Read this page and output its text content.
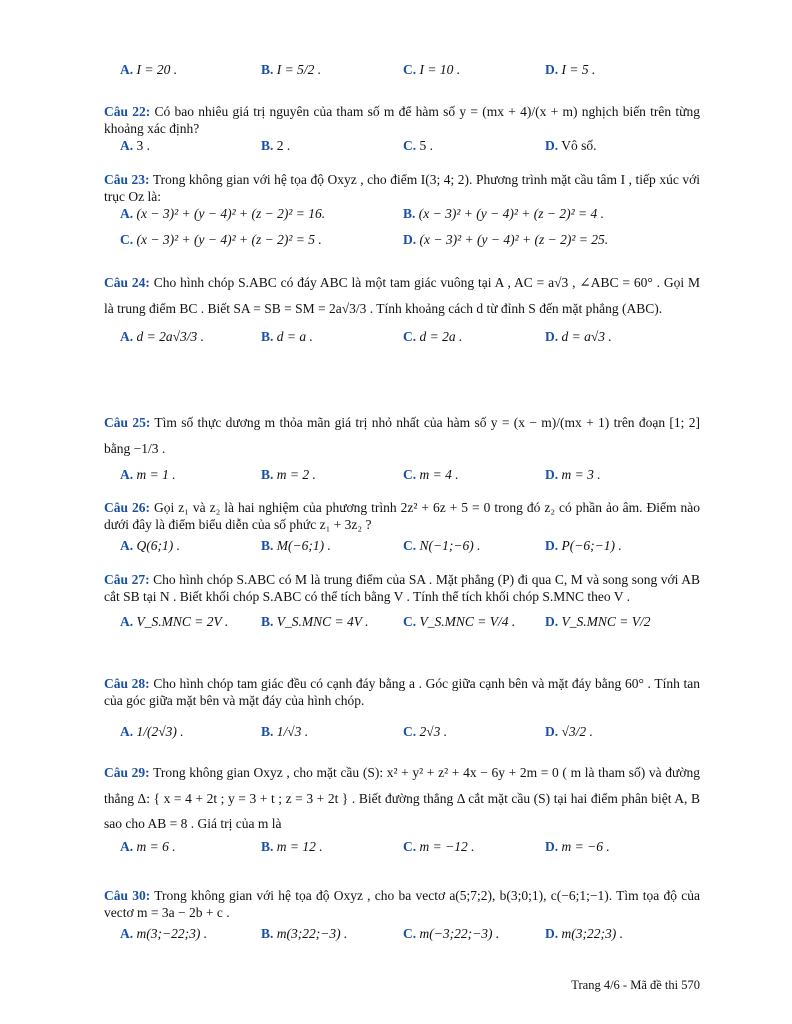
A. I = 20 .	B. I = 5/2 .	C. I = 10 .	D. I = 5 .
Câu 22: Có bao nhiêu giá trị nguyên của tham số m để hàm số y = (mx + 4)/(x + m) nghịch biến trên từng khoảng xác định?
A. 3 .	B. 2 .	C. 5 .	D. Vô số.
Câu 23: Trong không gian với hệ tọa độ Oxyz , cho điểm I(3; 4; 2). Phương trình mặt cầu tâm I , tiếp xúc với trục Oz là:
A. (x − 3)² + (y − 4)² + (z − 2)² = 16.	B. (x − 3)² + (y − 4)² + (z − 2)² = 4 .
C. (x − 3)² + (y − 4)² + (z − 2)² = 5 .	D. (x − 3)² + (y − 4)² + (z − 2)² = 25.
Câu 24: Cho hình chóp S.ABC có đáy ABC là một tam giác vuông tại A , AC = a√3 , ∠ABC = 60° . Gọi M là trung điểm BC . Biết SA = SB = SM = 2a√3/3 . Tính khoảng cách d từ đỉnh S đến mặt phẳng (ABC).
A. d = 2a√3/3 .	B. d = a .	C. d = 2a .	D. d = a√3 .
Câu 25: Tìm số thực dương m thỏa mãn giá trị nhỏ nhất của hàm số y = (x − m)/(mx + 1) trên đoạn [1; 2] bằng −1/3 .
A. m = 1 .	B. m = 2 .	C. m = 4 .	D. m = 3 .
Câu 26: Gọi z₁ và z₂ là hai nghiệm của phương trình 2z² + 6z + 5 = 0 trong đó z₂ có phần ảo âm. Điểm nào dưới đây là điểm biểu diễn của số phức z₁ + 3z₂ ?
A. Q(6;1) .	B. M(−6;1) .	C. N(−1;−6) .	D. P(−6;−1) .
Câu 27: Cho hình chóp S.ABC có M là trung điểm của SA . Mặt phẳng (P) đi qua C, M và song song với AB cắt SB tại N . Biết khối chóp S.ABC có thể tích bằng V . Tính thể tích khối chóp S.MNC theo V .
A. V_S.MNC = 2V . B. V_S.MNC = 4V .	C. V_S.MNC = V/4 . D. V_S.MNC = V/2
Câu 28: Cho hình chóp tam giác đều có cạnh đáy bằng a . Góc giữa cạnh bên và mặt đáy bằng 60° . Tính tan của góc giữa mặt bên và mặt đáy của hình chóp.
A. 1/(2√3) .	B. 1/√3 .	C. 2√3 .	D. √3/2 .
Câu 29: Trong không gian Oxyz , cho mặt cầu (S): x² + y² + z² + 4x − 6y + 2m = 0 ( m là tham số) và đường thẳng Δ: { x = 4 + 2t ; y = 3 + t ; z = 3 + 2t } . Biết đường thẳng Δ cắt mặt cầu (S) tại hai điểm phân biệt A, B sao cho AB = 8 . Giá trị của m là
A. m = 6 .	B. m = 12 .	C. m = −12 .	D. m = −6 .
Câu 30: Trong không gian với hệ tọa độ Oxyz , cho ba vectơ a(5;7;2), b(3;0;1), c(−6;1;−1). Tìm tọa độ của vectơ m = 3a − 2b + c .
A. m(3;−22;3) .	B. m(3;22;−3) .	C. m(−3;22;−3) .	D. m(3;22;3) .
Trang 4/6 - Mã đề thi 570
